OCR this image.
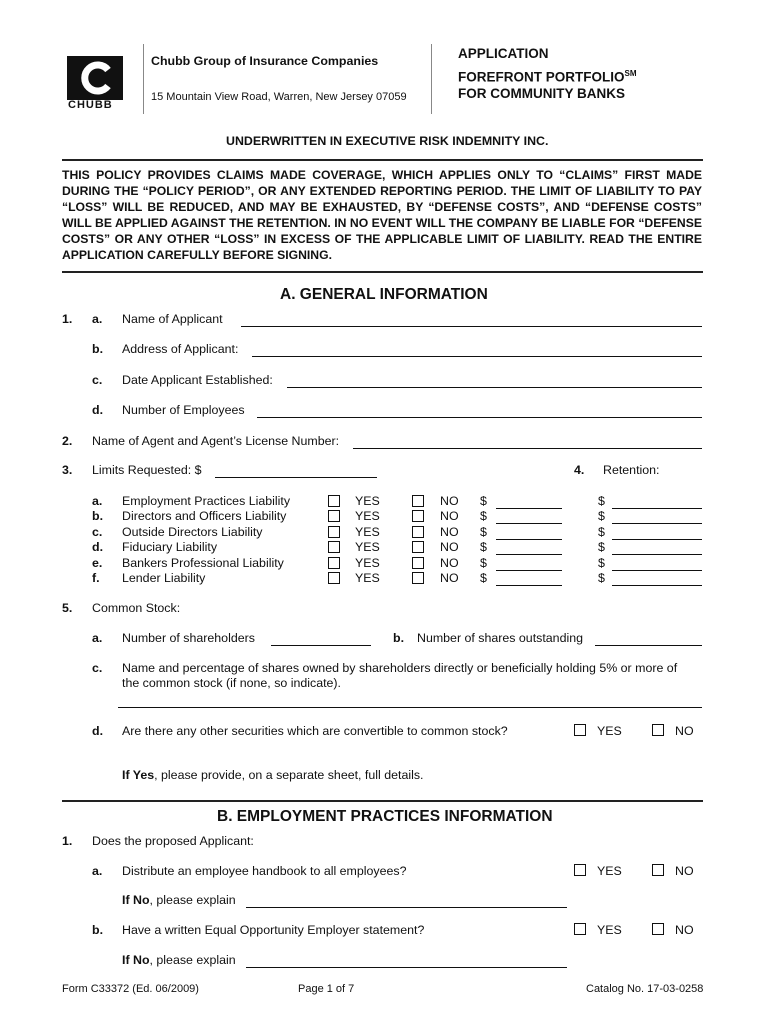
CHUBB
Chubb Group of Insurance Companies
15 Mountain View Road, Warren, New Jersey 07059
APPLICATION
FOREFRONT PORTFOLIO℠
FOR COMMUNITY BANKS
UNDERWRITTEN IN EXECUTIVE RISK INDEMNITY INC.
THIS POLICY PROVIDES CLAIMS MADE COVERAGE, WHICH APPLIES ONLY TO “CLAIMS” FIRST MADE DURING THE “POLICY PERIOD”, OR ANY EXTENDED REPORTING PERIOD. THE LIMIT OF LIABILITY TO PAY “LOSS” WILL BE REDUCED, AND MAY BE EXHAUSTED, BY “DEFENSE COSTS”, AND “DEFENSE COSTS” WILL BE APPLIED AGAINST THE RETENTION. IN NO EVENT WILL THE COMPANY BE LIABLE FOR “DEFENSE COSTS” OR ANY OTHER “LOSS” IN EXCESS OF THE APPLICABLE LIMIT OF LIABILITY. READ THE ENTIRE APPLICATION CAREFULLY BEFORE SIGNING.
A. GENERAL INFORMATION
1. a. Name of Applicant
b. Address of Applicant:
c. Date Applicant Established:
d. Number of Employees
2. Name of Agent and Agent’s License Number:
3. Limits Requested: $	4. Retention:
a. Employment Practices Liability	YES	NO $	$
b. Directors and Officers Liability	YES	NO $	$
c. Outside Directors Liability	YES	NO $	$
d. Fiduciary Liability	YES	NO $	$
e. Bankers Professional Liability	YES	NO $	$
f. Lender Liability	YES	NO $	$
5. Common Stock:
a. Number of shareholders	b. Number of shares outstanding
c. Name and percentage of shares owned by shareholders directly or beneficially holding 5% or more of
the common stock (if none, so indicate).
d. Are there any other securities which are convertible to common stock?	YES	NO
If Yes, please provide, on a separate sheet, full details.
B. EMPLOYMENT PRACTICES INFORMATION
1. Does the proposed Applicant:
a. Distribute an employee handbook to all employees?	YES	NO
If No, please explain
b. Have a written Equal Opportunity Employer statement?	YES	NO
If No, please explain
Form C33372 (Ed. 06/2009)	Page 1 of 7	Catalog No. 17-03-0258
